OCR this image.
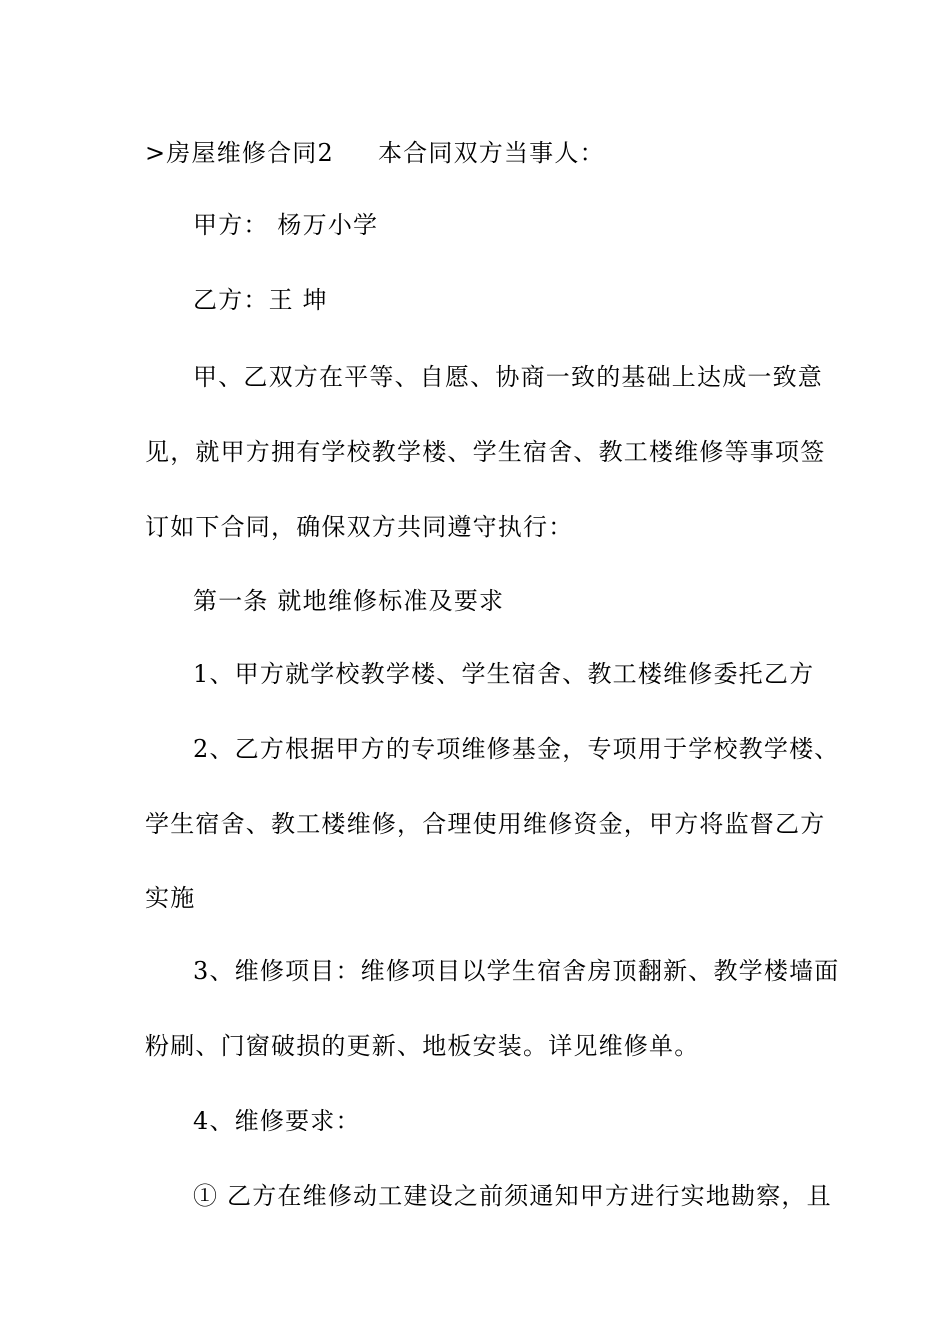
>房屋维修合同2 本合同双方当事人：
甲方： 杨万小学
乙方：王 坤
甲、乙双方在平等、自愿、协商一致的基础上达成一致意
见，就甲方拥有学校教学楼、学生宿舍、教工楼维修等事项签
订如下合同，确保双方共同遵守执行：
第一条 就地维修标准及要求
1、甲方就学校教学楼、学生宿舍、教工楼维修委托乙方
2、乙方根据甲方的专项维修基金，专项用于学校教学楼、
学生宿舍、教工楼维修，合理使用维修资金，甲方将监督乙方
实施
3、维修项目：维修项目以学生宿舍房顶翻新、教学楼墙面
粉刷、门窗破损的更新、地板安装。详见维修单。
4、维修要求：
① 乙方在维修动工建设之前须通知甲方进行实地勘察，且
